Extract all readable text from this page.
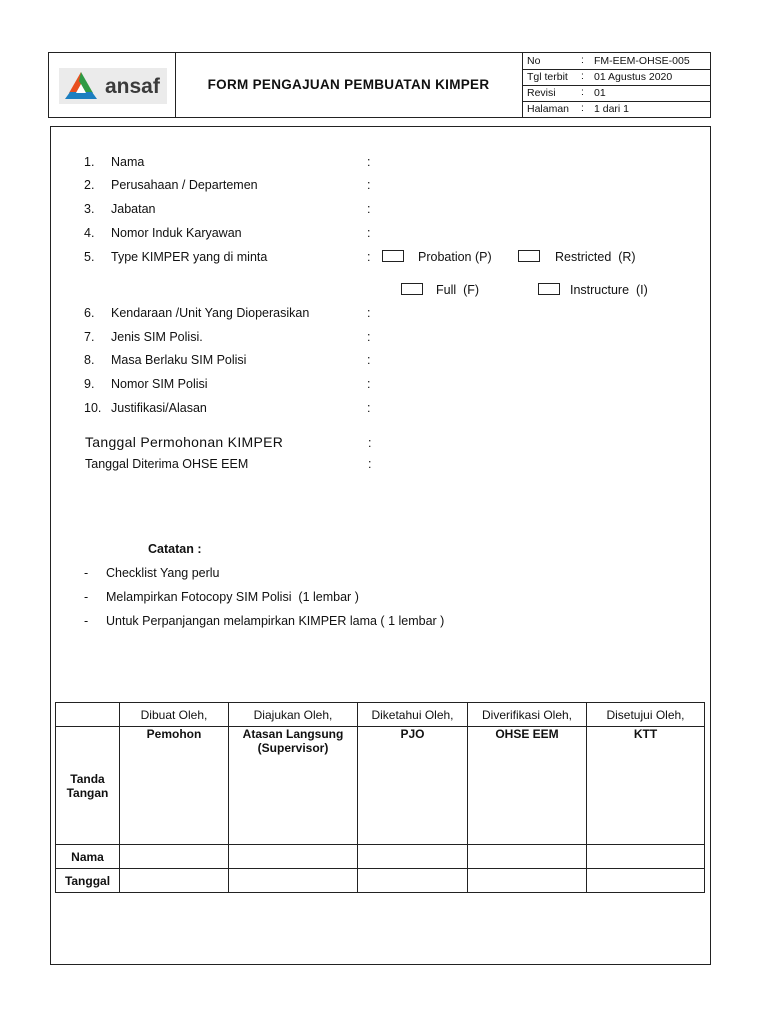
ansaf	FORM PENGAJUAN PEMBUATAN KIMPER
No	: FM-EEM-OHSE-005
Tgl terbit : 01 Agustus 2020
Revisi : 01
Halaman : 1 dari 1
1. Nama	:
2. Perusahaan / Departemen	:
3. Jabatan	:
4. Nomor Induk Karyawan	:
5. Type KIMPER yang di minta	:	Probation (P)	Restricted  (R)
Full  (F)	Instructure  (I)
6. Kendaraan /Unit Yang Dioperasikan	:
7. Jenis SIM Polisi.	:
8. Masa Berlaku SIM Polisi	:
9. Nomor SIM Polisi	:
10. Justifikasi/Alasan	:
Tanggal Permohonan KIMPER	:
Tanggal Diterima OHSE EEM	:
Catatan :
- Checklist Yang perlu
- Melampirkan Fotocopy SIM Polisi  (1 lembar )
- Untuk Perpanjangan melampirkan KIMPER lama ( 1 lembar )
	Dibuat Oleh,	Diajukan Oleh,	Diketahui Oleh,	Diverifikasi Oleh,	Disetujui Oleh,
Tanda Tangan	Pemohon	Atasan Langsung (Supervisor)	PJO	OHSE EEM	KTT
Nama					
Tanggal					
